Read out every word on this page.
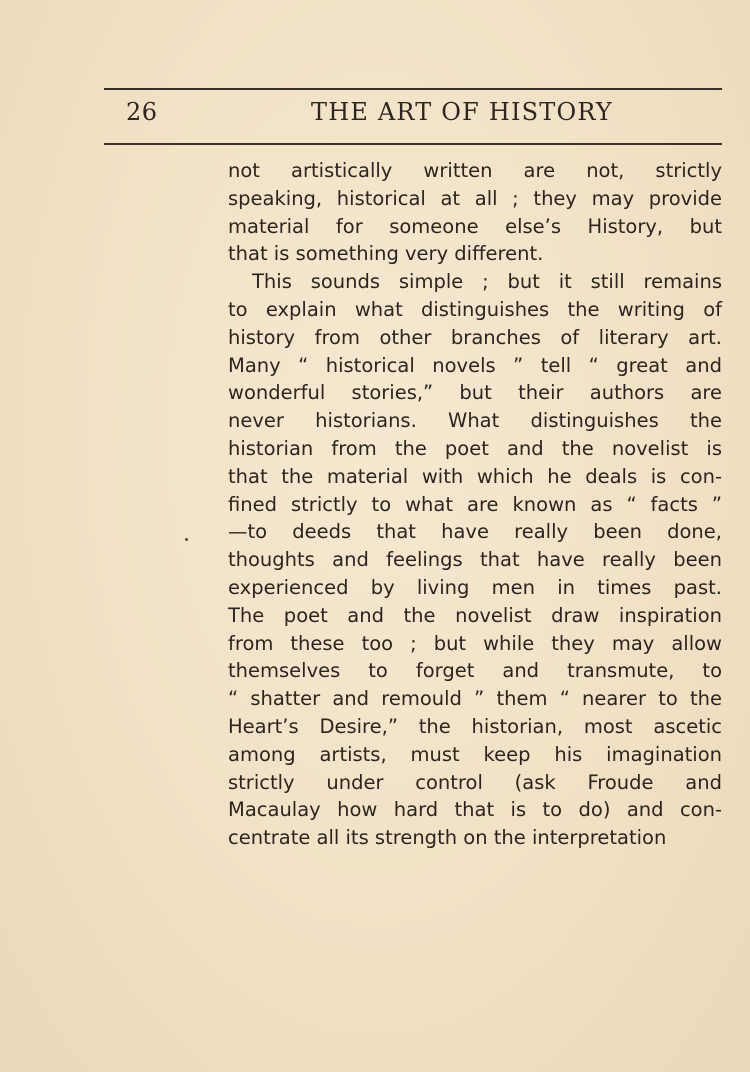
26	THE ART OF HISTORY
not artistically written are not, strictly
speaking, historical at all ; they may provide
material for someone else’s History, but
that is something very different.
This sounds simple ; but it still remains
to explain what distinguishes the writing of
history from other branches of literary art.
Many “ historical novels ” tell “ great and
wonderful stories,” but their authors are
never historians. What distinguishes the
historian from the poet and the novelist is
that the material with which he deals is con-
fined strictly to what are known as “ facts ”
—to deeds that have really been done,
thoughts and feelings that have really been
experienced by living men in times past.
The poet and the novelist draw inspiration
from these too ; but while they may allow
themselves to forget and transmute, to
“ shatter and remould ” them “ nearer to the
Heart’s Desire,” the historian, most ascetic
among artists, must keep his imagination
strictly under control (ask Froude and
Macaulay how hard that is to do) and con-
centrate all its strength on the interpretation
